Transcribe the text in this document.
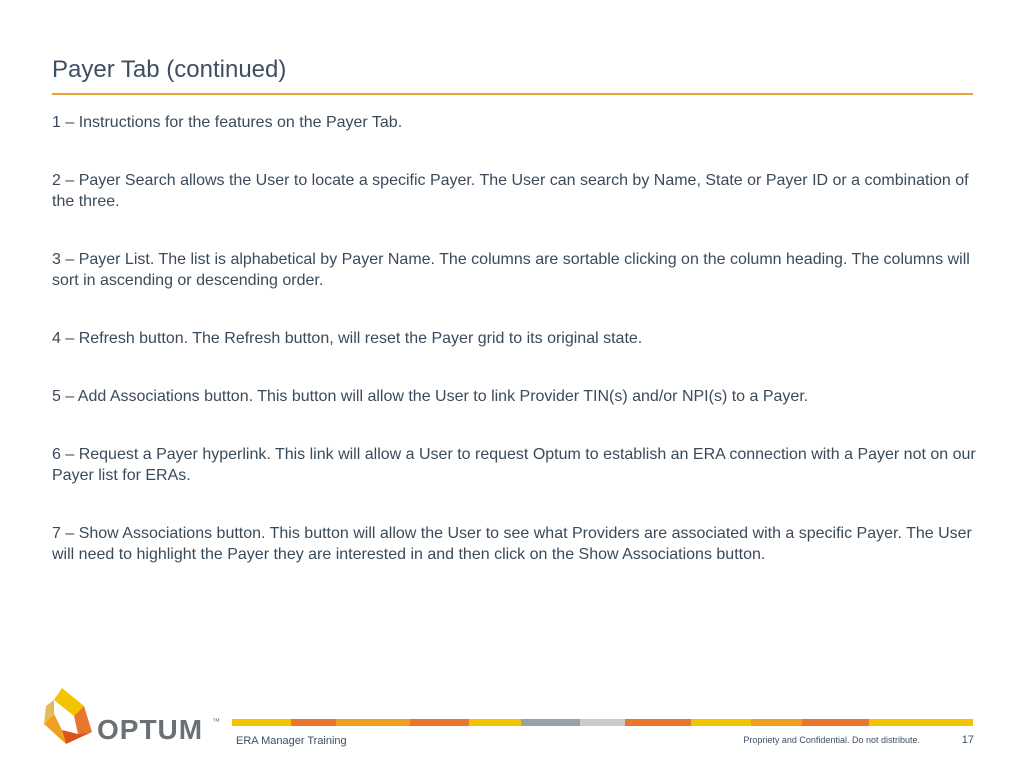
Payer Tab (continued)
1 – Instructions for the features on the Payer Tab.
2 – Payer Search allows the User to locate a specific Payer. The User can search by Name, State or Payer ID or a combination of the three.
3 – Payer List. The list is alphabetical by Payer Name. The columns are sortable clicking on the column heading. The columns will sort in ascending or descending order.
4 – Refresh button. The Refresh button, will reset the Payer grid to its original state.
5 – Add Associations button. This button will allow the User to link Provider TIN(s) and/or NPI(s) to a Payer.
6 – Request a Payer hyperlink. This link will allow a User to request Optum to establish an ERA connection with a Payer not on our Payer list for ERAs.
7 – Show Associations button. This button will allow the User to see what Providers are associated with a specific Payer. The User will need to highlight the Payer they are interested in and then click on the Show Associations button.
OPTUM ™
ERA Manager Training	Propriety and Confidential. Do not distribute.	17
